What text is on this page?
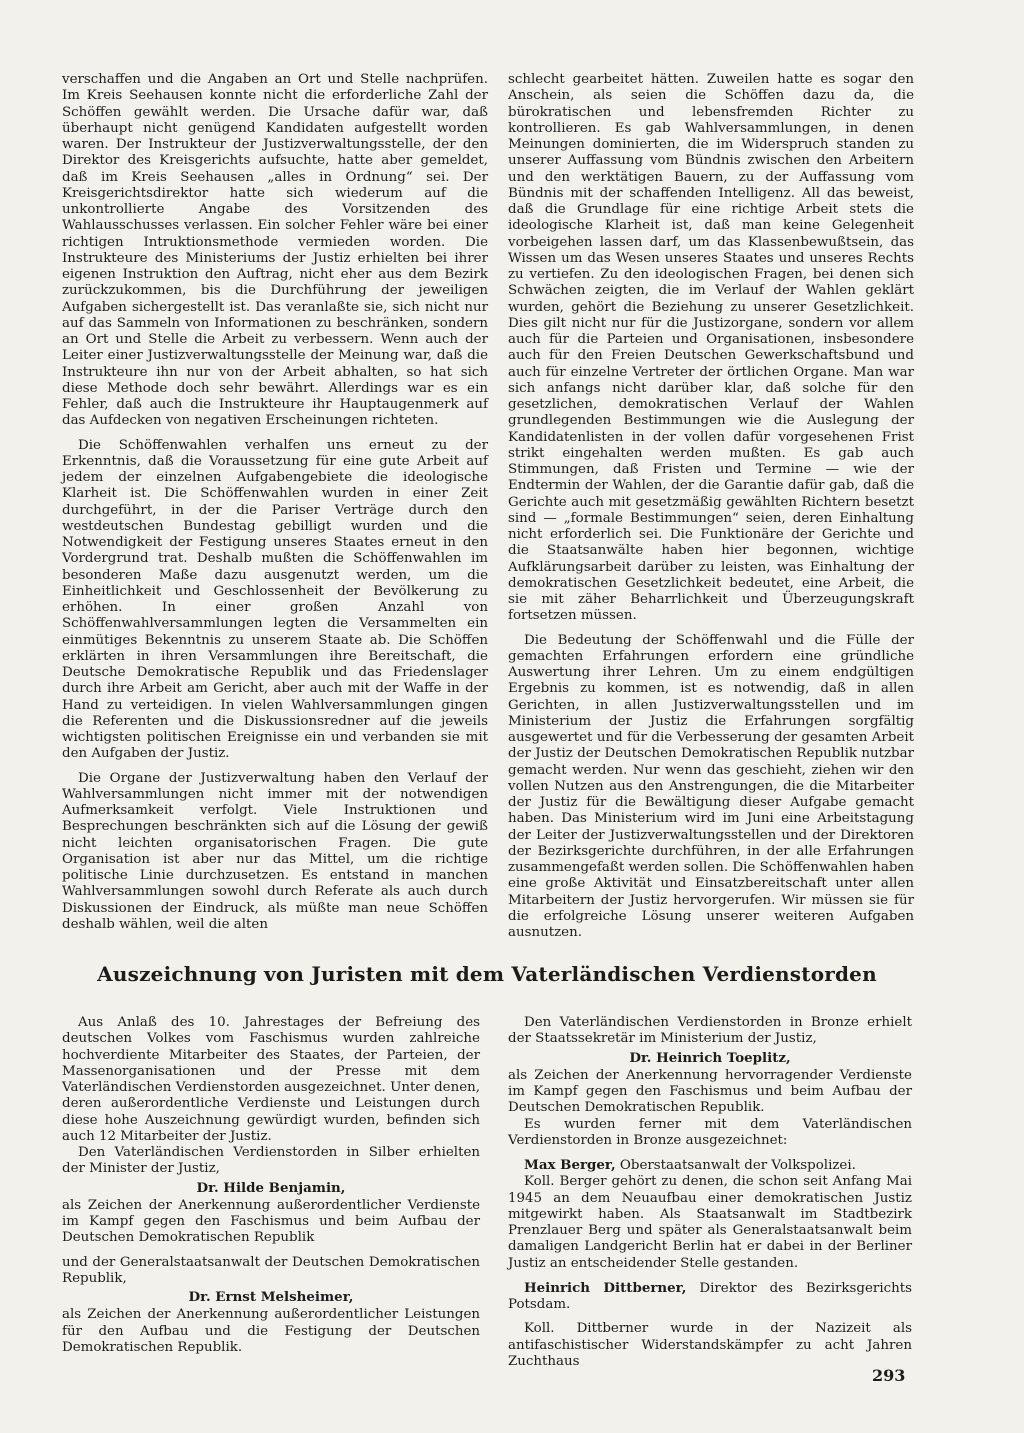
verschaffen und die Angaben an Ort und Stelle nachprüfen. Im Kreis Seehausen konnte nicht die erforderliche Zahl der Schöffen gewählt werden. Die Ursache dafür war, daß überhaupt nicht genügend Kandidaten aufgestellt worden waren. Der Instrukteur der Justizverwaltungsstelle, der den Direktor des Kreisgerichts aufsuchte, hatte aber gemeldet, daß im Kreis Seehausen „alles in Ordnung“ sei. Der Kreisgerichtsdirektor hatte sich wiederum auf die unkontrollierte Angabe des Vorsitzenden des Wahlausschusses verlassen. Ein solcher Fehler wäre bei einer richtigen Intruktionsmethode vermieden worden. Die Instrukteure des Ministeriums der Justiz erhielten bei ihrer eigenen Instruktion den Auftrag, nicht eher aus dem Bezirk zurückzukommen, bis die Durchführung der jeweiligen Aufgaben sichergestellt ist. Das veranlaßte sie, sich nicht nur auf das Sammeln von Informationen zu beschränken, sondern an Ort und Stelle die Arbeit zu verbessern. Wenn auch der Leiter einer Justizverwaltungsstelle der Meinung war, daß die Instrukteure ihn nur von der Arbeit abhalten, so hat sich diese Methode doch sehr bewährt. Allerdings war es ein Fehler, daß auch die Instrukteure ihr Hauptaugenmerk auf das Aufdecken von negativen Erscheinungen richteten.

Die Schöffenwahlen verhalfen uns erneut zu der Erkenntnis, daß die Voraussetzung für eine gute Arbeit auf jedem der einzelnen Aufgabengebiete die ideologische Klarheit ist. Die Schöffenwahlen wurden in einer Zeit durchgeführt, in der die Pariser Verträge durch den westdeutschen Bundestag gebilligt wurden und die Notwendigkeit der Festigung unseres Staates erneut in den Vordergrund trat. Deshalb mußten die Schöffenwahlen im besonderen Maße dazu ausgenutzt werden, um die Einheitlichkeit und Geschlossenheit der Bevölkerung zu erhöhen. In einer großen Anzahl von Schöffenwahlversammlungen legten die Versammelten ein einmütiges Bekenntnis zu unserem Staate ab. Die Schöffen erklärten in ihren Versammlungen ihre Bereitschaft, die Deutsche Demokratische Republik und das Friedenslager durch ihre Arbeit am Gericht, aber auch mit der Waffe in der Hand zu verteidigen. In vielen Wahlversammlungen gingen die Referenten und die Diskussionsredner auf die jeweils wichtigsten politischen Ereignisse ein und verbanden sie mit den Aufgaben der Justiz.

Die Organe der Justizverwaltung haben den Verlauf der Wahlversammlungen nicht immer mit der notwendigen Aufmerksamkeit verfolgt. Viele Instruktionen und Besprechungen beschränkten sich auf die Lösung der gewiß nicht leichten organisatorischen Fragen. Die gute Organisation ist aber nur das Mittel, um die richtige politische Linie durchzusetzen. Es entstand in manchen Wahlversammlungen sowohl durch Referate als auch durch Diskussionen der Eindruck, als müßte man neue Schöffen deshalb wählen, weil die alten

schlecht gearbeitet hätten. Zuweilen hatte es sogar den Anschein, als seien die Schöffen dazu da, die bürokratischen und lebensfremden Richter zu kontrollieren. Es gab Wahlversammlungen, in denen Meinungen dominierten, die im Widerspruch standen zu unserer Auffassung vom Bündnis zwischen den Arbeitern und den werktätigen Bauern, zu der Auffassung vom Bündnis mit der schaffenden Intelligenz. All das beweist, daß die Grundlage für eine richtige Arbeit stets die ideologische Klarheit ist, daß man keine Gelegenheit vorbeigehen lassen darf, um das Klassenbewußtsein, das Wissen um das Wesen unseres Staates und unseres Rechts zu vertiefen. Zu den ideologischen Fragen, bei denen sich Schwächen zeigten, die im Verlauf der Wahlen geklärt wurden, gehört die Beziehung zu unserer Gesetzlichkeit. Dies gilt nicht nur für die Justizorgane, sondern vor allem auch für die Parteien und Organisationen, insbesondere auch für den Freien Deutschen Gewerkschaftsbund und auch für einzelne Vertreter der örtlichen Organe. Man war sich anfangs nicht darüber klar, daß solche für den gesetzlichen, demokratischen Verlauf der Wahlen grundlegenden Bestimmungen wie die Auslegung der Kandidatenlisten in der vollen dafür vorgesehenen Frist strikt eingehalten werden mußten. Es gab auch Stimmungen, daß Fristen und Termine — wie der Endtermin der Wahlen, der die Garantie dafür gab, daß die Gerichte auch mit gesetzmäßig gewählten Richtern besetzt sind — „formale Bestimmungen“ seien, deren Einhaltung nicht erforderlich sei. Die Funktionäre der Gerichte und die Staatsanwälte haben hier begonnen, wichtige Aufklärungsarbeit darüber zu leisten, was Einhaltung der demokratischen Gesetzlichkeit bedeutet, eine Arbeit, die sie mit zäher Beharrlichkeit und Überzeugungskraft fortsetzen müssen.

Die Bedeutung der Schöffenwahl und die Fülle der gemachten Erfahrungen erfordern eine gründliche Auswertung ihrer Lehren. Um zu einem endgültigen Ergebnis zu kommen, ist es notwendig, daß in allen Gerichten, in allen Justizverwaltungsstellen und im Ministerium der Justiz die Erfahrungen sorgfältig ausgewertet und für die Verbesserung der gesamten Arbeit der Justiz der Deutschen Demokratischen Republik nutzbar gemacht werden. Nur wenn das geschieht, ziehen wir den vollen Nutzen aus den Anstrengungen, die die Mitarbeiter der Justiz für die Bewältigung dieser Aufgabe gemacht haben. Das Ministerium wird im Juni eine Arbeitstagung der Leiter der Justizverwaltungsstellen und der Direktoren der Bezirksgerichte durchführen, in der alle Erfahrungen zusammengefaßt werden sollen. Die Schöffenwahlen haben eine große Aktivität und Einsatzbereitschaft unter allen Mitarbeitern der Justiz hervorgerufen. Wir müssen sie für die erfolgreiche Lösung unserer weiteren Aufgaben ausnutzen.

Auszeichnung von Juristen mit dem Vaterländischen Verdienstorden

Aus Anlaß des 10. Jahrestages der Befreiung des deutschen Volkes vom Faschismus wurden zahlreiche hochverdiente Mitarbeiter des Staates, der Parteien, der Massenorganisationen und der Presse mit dem Vaterländischen Verdienstorden ausgezeichnet. Unter denen, deren außerordentliche Verdienste und Leistungen durch diese hohe Auszeichnung gewürdigt wurden, befinden sich auch 12 Mitarbeiter der Justiz.

Den Vaterländischen Verdienstorden in Silber erhielten der Minister der Justiz,

Dr. Hilde Benjamin,

als Zeichen der Anerkennung außerordentlicher Verdienste im Kampf gegen den Faschismus und beim Aufbau der Deutschen Demokratischen Republik

und der Generalstaatsanwalt der Deutschen Demokratischen Republik,

Dr. Ernst Melsheimer,

als Zeichen der Anerkennung außerordentlicher Leistungen für den Aufbau und die Festigung der Deutschen Demokratischen Republik.

Den Vaterländischen Verdienstorden in Bronze erhielt der Staatssekretär im Ministerium der Justiz,

Dr. Heinrich Toeplitz,

als Zeichen der Anerkennung hervorragender Verdienste im Kampf gegen den Faschismus und beim Aufbau der Deutschen Demokratischen Republik.

Es wurden ferner mit dem Vaterländischen Verdienstorden in Bronze ausgezeichnet:

Max Berger, Oberstaatsanwalt der Volkspolizei.

Koll. Berger gehört zu denen, die schon seit Anfang Mai 1945 an dem Neuaufbau einer demokratischen Justiz mitgewirkt haben. Als Staatsanwalt im Stadtbezirk Prenzlauer Berg und später als Generalstaatsanwalt beim damaligen Landgericht Berlin hat er dabei in der Berliner Justiz an entscheidender Stelle gestanden.

Heinrich Dittberner, Direktor des Bezirksgerichts Potsdam.

Koll. Dittberner wurde in der Nazizeit als antifaschistischer Widerstandskämpfer zu acht Jahren Zuchthaus

293
